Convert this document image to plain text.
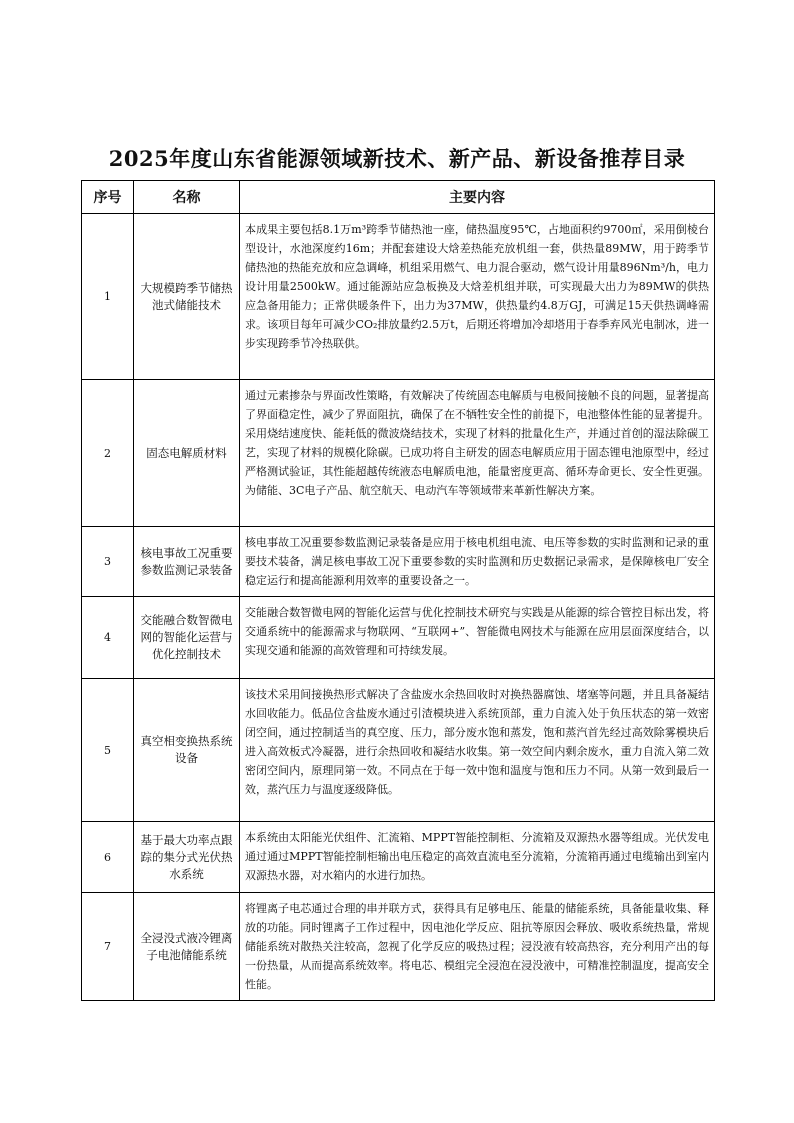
2025年度山东省能源领域新技术、新产品、新设备推荐目录
序号	名称	主要内容
1	大规模跨季节储热池式储能技术	本成果主要包括8.1万m³跨季节储热池一座，储热温度95℃，占地面积约9700㎡，采用倒棱台型设计，水池深度约16m；并配套建设大焓差热能充放机组一套，供热量89MW，用于跨季节储热池的热能充放和应急调峰，机组采用燃气、电力混合驱动，燃气设计用量896Nm³/h，电力设计用量2500kW。通过能源站应急板换及大焓差机组并联，可实现最大出力为89MW的供热应急备用能力；正常供暖条件下，出力为37MW，供热量约4.8万GJ，可满足15天供热调峰需求。该项目每年可减少CO₂排放量约2.5万t，后期还将增加冷却塔用于春季弃风光电制冰，进一步实现跨季节冷热联供。
2	固态电解质材料	通过元素掺杂与界面改性策略，有效解决了传统固态电解质与电极间接触不良的问题，显著提高了界面稳定性，减少了界面阻抗，确保了在不牺牲安全性的前提下，电池整体性能的显著提升。采用烧结速度快、能耗低的微波烧结技术，实现了材料的批量化生产，并通过首创的湿法除碳工艺，实现了材料的规模化除碳。已成功将自主研发的固态电解质应用于固态锂电池原型中，经过严格测试验证，其性能超越传统液态电解质电池，能量密度更高、循环寿命更长、安全性更强。为储能、3C电子产品、航空航天、电动汽车等领域带来革新性解决方案。
3	核电事故工况重要参数监测记录装备	核电事故工况重要参数监测记录装备是应用于核电机组电流、电压等参数的实时监测和记录的重要技术装备，满足核电事故工况下重要参数的实时监测和历史数据记录需求，是保障核电厂安全稳定运行和提高能源利用效率的重要设备之一。
4	交能融合数智微电网的智能化运营与优化控制技术	交能融合数智微电网的智能化运营与优化控制技术研究与实践是从能源的综合管控目标出发，将交通系统中的能源需求与物联网、“互联网+”、智能微电网技术与能源在应用层面深度结合，以实现交通和能源的高效管理和可持续发展。
5	真空相变换热系统设备	该技术采用间接换热形式解决了含盐废水余热回收时对换热器腐蚀、堵塞等问题，并且具备凝结水回收能力。低品位含盐废水通过引渣模块进入系统顶部，重力自流入处于负压状态的第一效密闭空间，通过控制适当的真空度、压力，部分废水饱和蒸发，饱和蒸汽首先经过高效除雾模块后进入高效板式冷凝器，进行余热回收和凝结水收集。第一效空间内剩余废水，重力自流入第二效密闭空间内，原理同第一效。不同点在于每一效中饱和温度与饱和压力不同。从第一效到最后一效，蒸汽压力与温度逐级降低。
6	基于最大功率点跟踪的集分式光伏热水系统	本系统由太阳能光伏组件、汇流箱、MPPT智能控制柜、分流箱及双源热水器等组成。光伏发电通过通过MPPT智能控制柜输出电压稳定的高效直流电至分流箱，分流箱再通过电缆输出到室内双源热水器，对水箱内的水进行加热。
7	全浸没式液冷锂离子电池储能系统	将锂离子电芯通过合理的串并联方式，获得具有足够电压、能量的储能系统，具备能量收集、释放的功能。同时锂离子工作过程中，因电池化学反应、阻抗等原因会释放、吸收系统热量，常规储能系统对散热关注较高，忽视了化学反应的吸热过程；浸没液有较高热容，充分利用产出的每一份热量，从而提高系统效率。将电芯、模组完全浸泡在浸没液中，可精准控制温度，提高安全性能。
